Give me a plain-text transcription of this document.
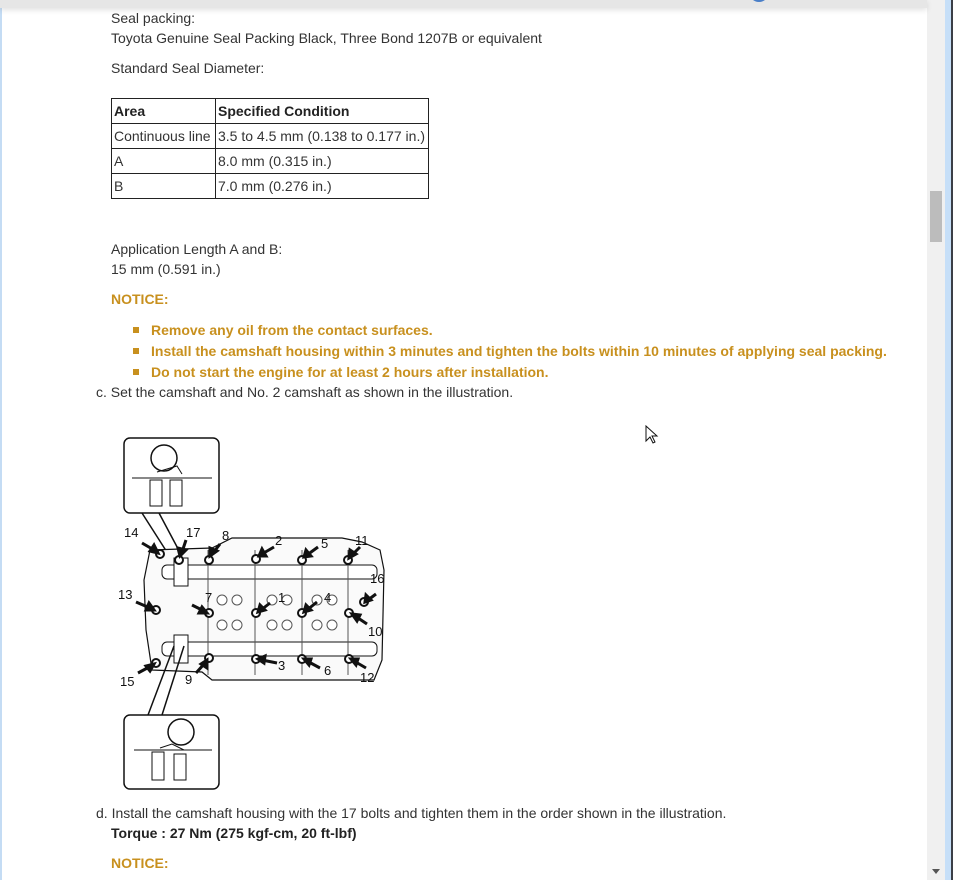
Seal packing:
Toyota Genuine Seal Packing Black, Three Bond 1207B or equivalent
Standard Seal Diameter:
Area	Specified Condition
Continuous line	3.5 to 4.5 mm (0.138 to 0.177 in.)
A	8.0 mm (0.315 in.)
B	7.0 mm (0.276 in.)
Application Length A and B:
15 mm (0.591 in.)
NOTICE:
Remove any oil from the contact surfaces.
Install the camshaft housing within 3 minutes and tighten the bolts within 10 minutes of applying seal packing.
Do not start the engine for at least 2 hours after installation.
c. Set the camshaft and No. 2 camshaft as shown in the illustration.
14	17 8	2	5 11
16
13	7	1	4
10
15	9
3	6 12
d. Install the camshaft housing with the 17 bolts and tighten them in the order shown in the illustration.
Torque : 27 Nm (275 kgf-cm, 20 ft-lbf)
NOTICE:
